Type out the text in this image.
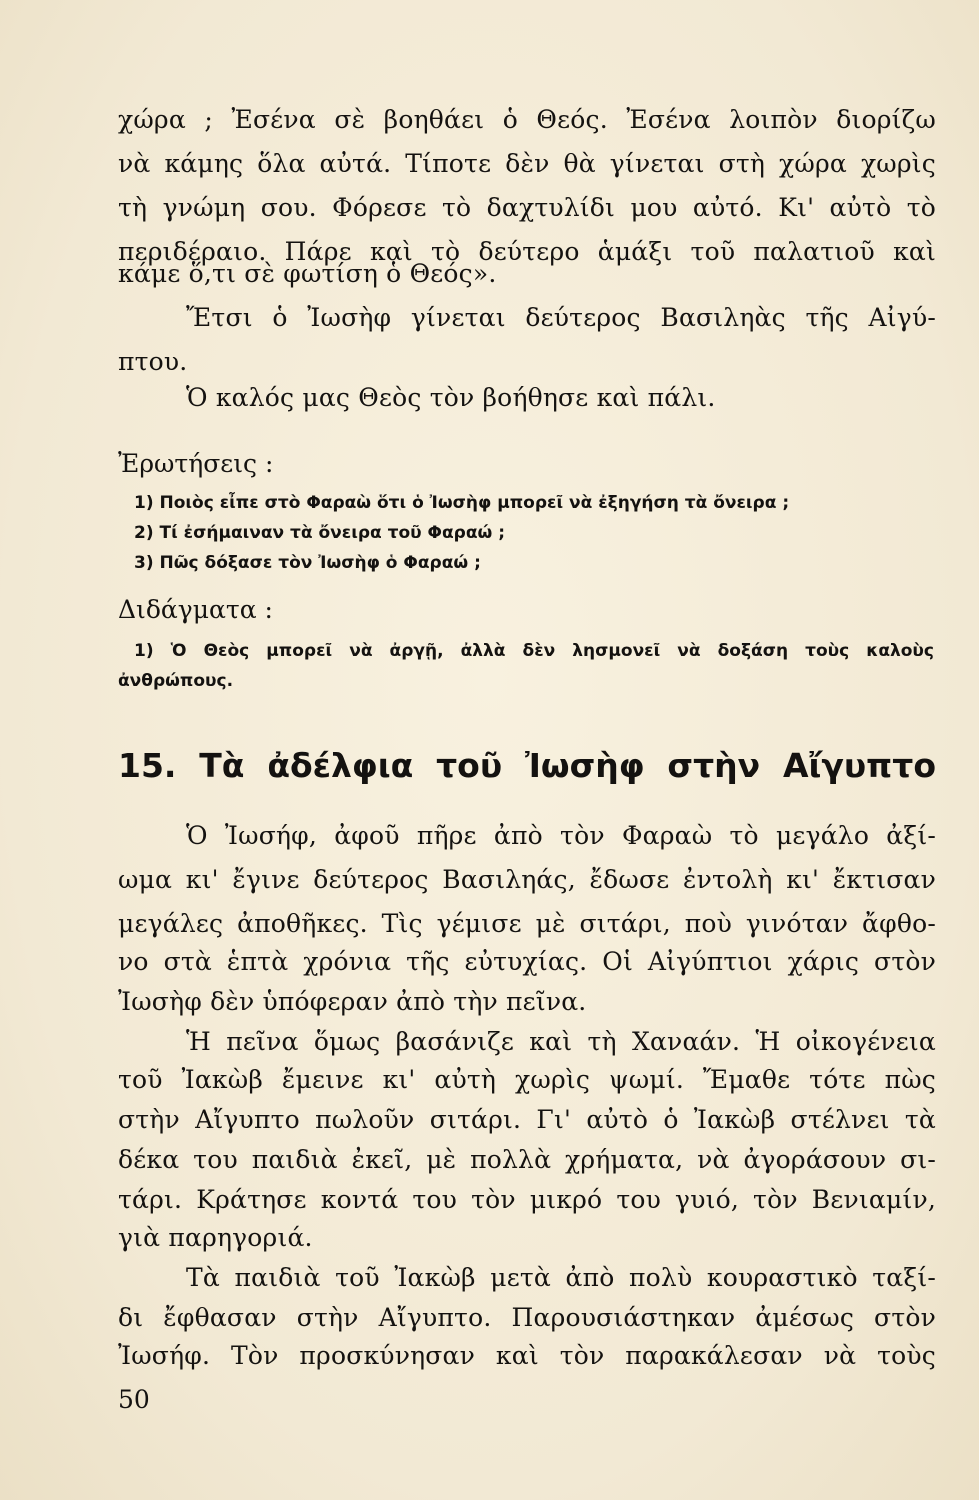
χώρα ; Ἐσένα σὲ βοηθάει ὁ Θεός. Ἐσένα λοιπὸν διορίζω
νὰ κάμης ὅλα αὐτά. Τίποτε δὲν θὰ γίνεται στὴ χώρα χωρὶς
τὴ γνώμη σου. Φόρεσε τὸ δαχτυλίδι μου αὐτό. Κι' αὐτὸ τὸ
περιδέραιο. Πάρε καὶ τὸ δεύτερο ἁμάξι τοῦ παλατιοῦ καὶ
κάμε ὅ,τι σὲ φωτίση ὁ Θεός».
Ἔτσι ὁ Ἰωσὴφ γίνεται δεύτερος Βασιληὰς τῆς Αἰγύ-
πτου.
Ὁ καλός μας Θεὸς τὸν βοήθησε καὶ πάλι.
Ἐρωτήσεις :
1) Ποιὸς εἶπε στὸ Φαραὼ ὅτι ὁ Ἰωσὴφ μπορεῖ νὰ ἐξηγήση τὰ ὄνειρα ;
2) Τί ἐσήμαιναν τὰ ὄνειρα τοῦ Φαραώ ;
3) Πῶς δόξασε τὸν Ἰωσὴφ ὁ Φαραώ ;
Διδάγματα :
1) Ὁ Θεὸς μπορεῖ νὰ ἀργῇ, ἀλλὰ δὲν λησμονεῖ νὰ δοξάση τοὺς καλοὺς
ἀνθρώπους.
15. Τὰ ἀδέλφια τοῦ Ἰωσὴφ στὴν Αἴγυπτο
Ὁ Ἰωσήφ, ἀφοῦ πῆρε ἀπὸ τὸν Φαραὼ τὸ μεγάλο ἀξί-
ωμα κι' ἔγινε δεύτερος Βασιληάς, ἔδωσε ἐντολὴ κι' ἔκτισαν
μεγάλες ἀποθῆκες. Τὶς γέμισε μὲ σιτάρι, ποὺ γινόταν ἄφθο-
νο στὰ ἑπτὰ χρόνια τῆς εὐτυχίας. Οἱ Αἰγύπτιοι χάρις στὸν
Ἰωσὴφ δὲν ὑπόφεραν ἀπὸ τὴν πεῖνα.
Ἡ πεῖνα ὅμως βασάνιζε καὶ τὴ Χαναάν. Ἡ οἰκογένεια
τοῦ Ἰακὼβ ἔμεινε κι' αὐτὴ χωρὶς ψωμί. Ἔμαθε τότε πὼς
στὴν Αἴγυπτο πωλοῦν σιτάρι. Γι' αὐτὸ ὁ Ἰακὼβ στέλνει τὰ
δέκα του παιδιὰ ἐκεῖ, μὲ πολλὰ χρήματα, νὰ ἀγοράσουν σι-
τάρι. Κράτησε κοντά του τὸν μικρό του γυιό, τὸν Βενιαμίν,
γιὰ παρηγοριά.
Τὰ παιδιὰ τοῦ Ἰακὼβ μετὰ ἀπὸ πολὺ κουραστικὸ ταξί-
δι ἔφθασαν στὴν Αἴγυπτο. Παρουσιάστηκαν ἀμέσως στὸν
Ἰωσήφ. Τὸν προσκύνησαν καὶ τὸν παρακάλεσαν νὰ τοὺς
50
